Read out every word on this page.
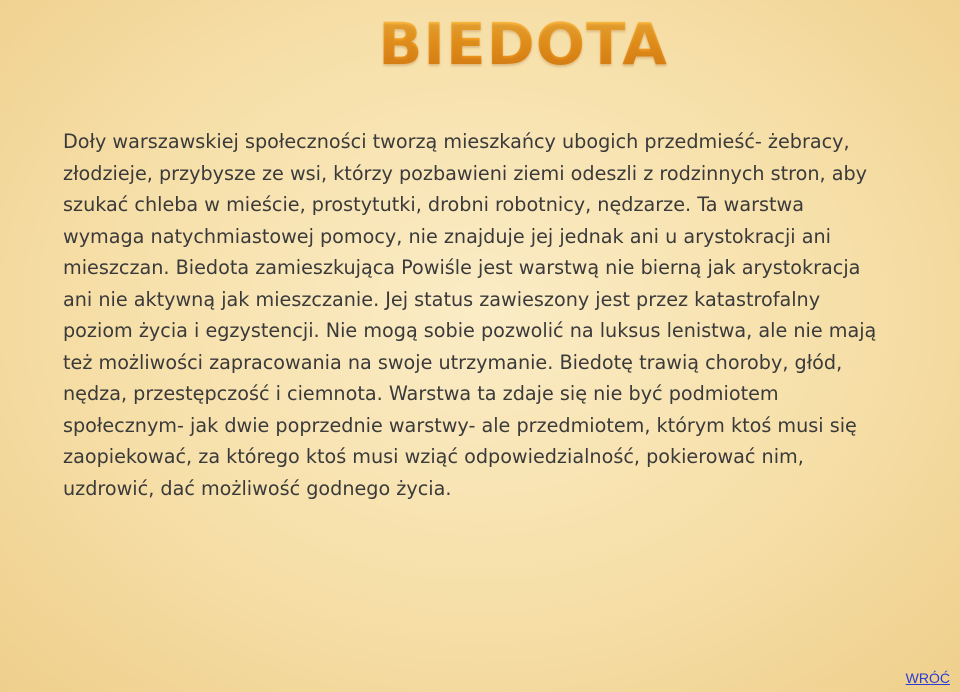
BIEDOTA

Doły warszawskiej społeczności tworzą mieszkańcy ubogich przedmieść- żebracy, złodzieje, przybysze ze wsi, którzy pozbawieni ziemi odeszli z rodzinnych stron, aby szukać chleba w mieście, prostytutki, drobni robotnicy, nędzarze. Ta warstwa wymaga natychmiastowej pomocy, nie znajduje jej jednak ani u arystokracji ani mieszczan. Biedota zamieszkująca Powiśle jest warstwą nie bierną jak arystokracja ani nie aktywną jak mieszczanie. Jej status zawieszony jest przez katastrofalny poziom życia i egzystencji. Nie mogą sobie pozwolić na luksus lenistwa, ale nie mają też możliwości zapracowania na swoje utrzymanie. Biedotę trawią choroby, głód, nędza, przestępczość i ciemnota. Warstwa ta zdaje się nie być podmiotem społecznym- jak dwie poprzednie warstwy- ale przedmiotem, którym ktoś musi się zaopiekować, za którego ktoś musi wziąć odpowiedzialność, pokierować nim, uzdrowić, dać możliwość godnego życia.

WRÓĆ
